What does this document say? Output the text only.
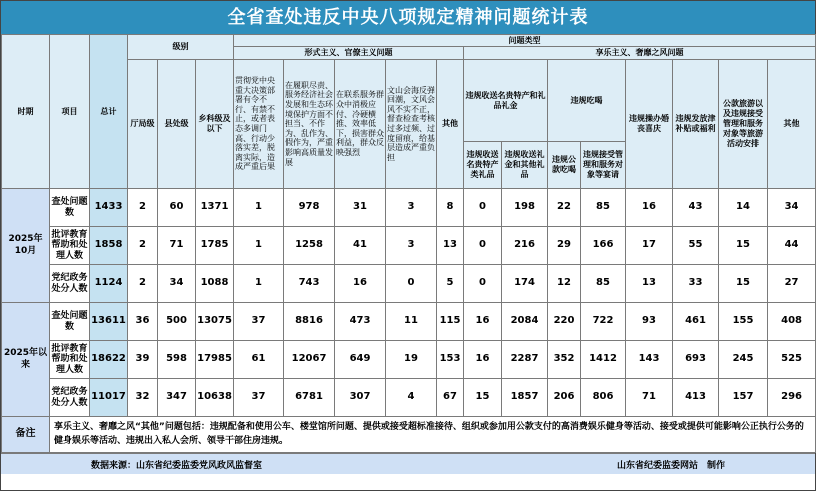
全省查处违反中央八项规定精神问题统计表
时期	项目	总计	级别			问题类型												
						形式主义、官僚主义问题					享乐主义、奢靡之风问题							
			厅局级	县处级	乡科级及以下	贯彻党中央重大决策部署有令不行、有禁不止，或者表态多调门高、行动少落实差，脱离实际，造成严重后果	在履职尽责、服务经济社会发展和生态环境保护方面不担当、不作为、乱作为、假作为，严重影响高质量发展	在联系服务群众中消极应付、冷硬横推、效率低下，损害群众利益，群众反映强烈	文山会海反弹回潮，文风会风不实不正，督查检查考核过多过频、过度留痕，给基层造成严重负担	其他	违规收送名贵特产和礼品礼金		违规吃喝		违规操办婚丧喜庆	违规发放津补贴或福利	公款旅游以及违规接受管理和服务对象等旅游活动安排	其他
											违规收送名贵特产类礼品	违规收送礼金和其他礼品	违规公款吃喝	违规接受管理和服务对象等宴请				
2025年10月	查处问题数	1433	2	60	1371	1	978	31	3	8	0	198	22	85	16	43	14	34
	批评教育帮助和处理人数	1858	2	71	1785	1	1258	41	3	13	0	216	29	166	17	55	15	44
	党纪政务处分人数	1124	2	34	1088	1	743	16	0	5	0	174	12	85	13	33	15	27
2025年以来	查处问题数	13611	36	500	13075	37	8816	473	11	115	16	2084	220	722	93	461	155	408
	批评教育帮助和处理人数	18622	39	598	17985	61	12067	649	19	153	16	2287	352	1412	143	693	245	525
	党纪政务处分人数	11017	32	347	10638	37	6781	307	4	67	15	1857	206	806	71	413	157	296
备注	享乐主义、奢靡之风“其他”问题包括：违规配备和使用公车、楼堂馆所问题、提供或接受超标准接待、组织或参加用公款支付的高消费娱乐健身等活动、接受或提供可能影响公正执行公务的健身娱乐等活动、违规出入私人会所、领导干部住房违规。																	
数据来源：山东省纪委监委党风政风监督室	山东省纪委监委网站　制作
